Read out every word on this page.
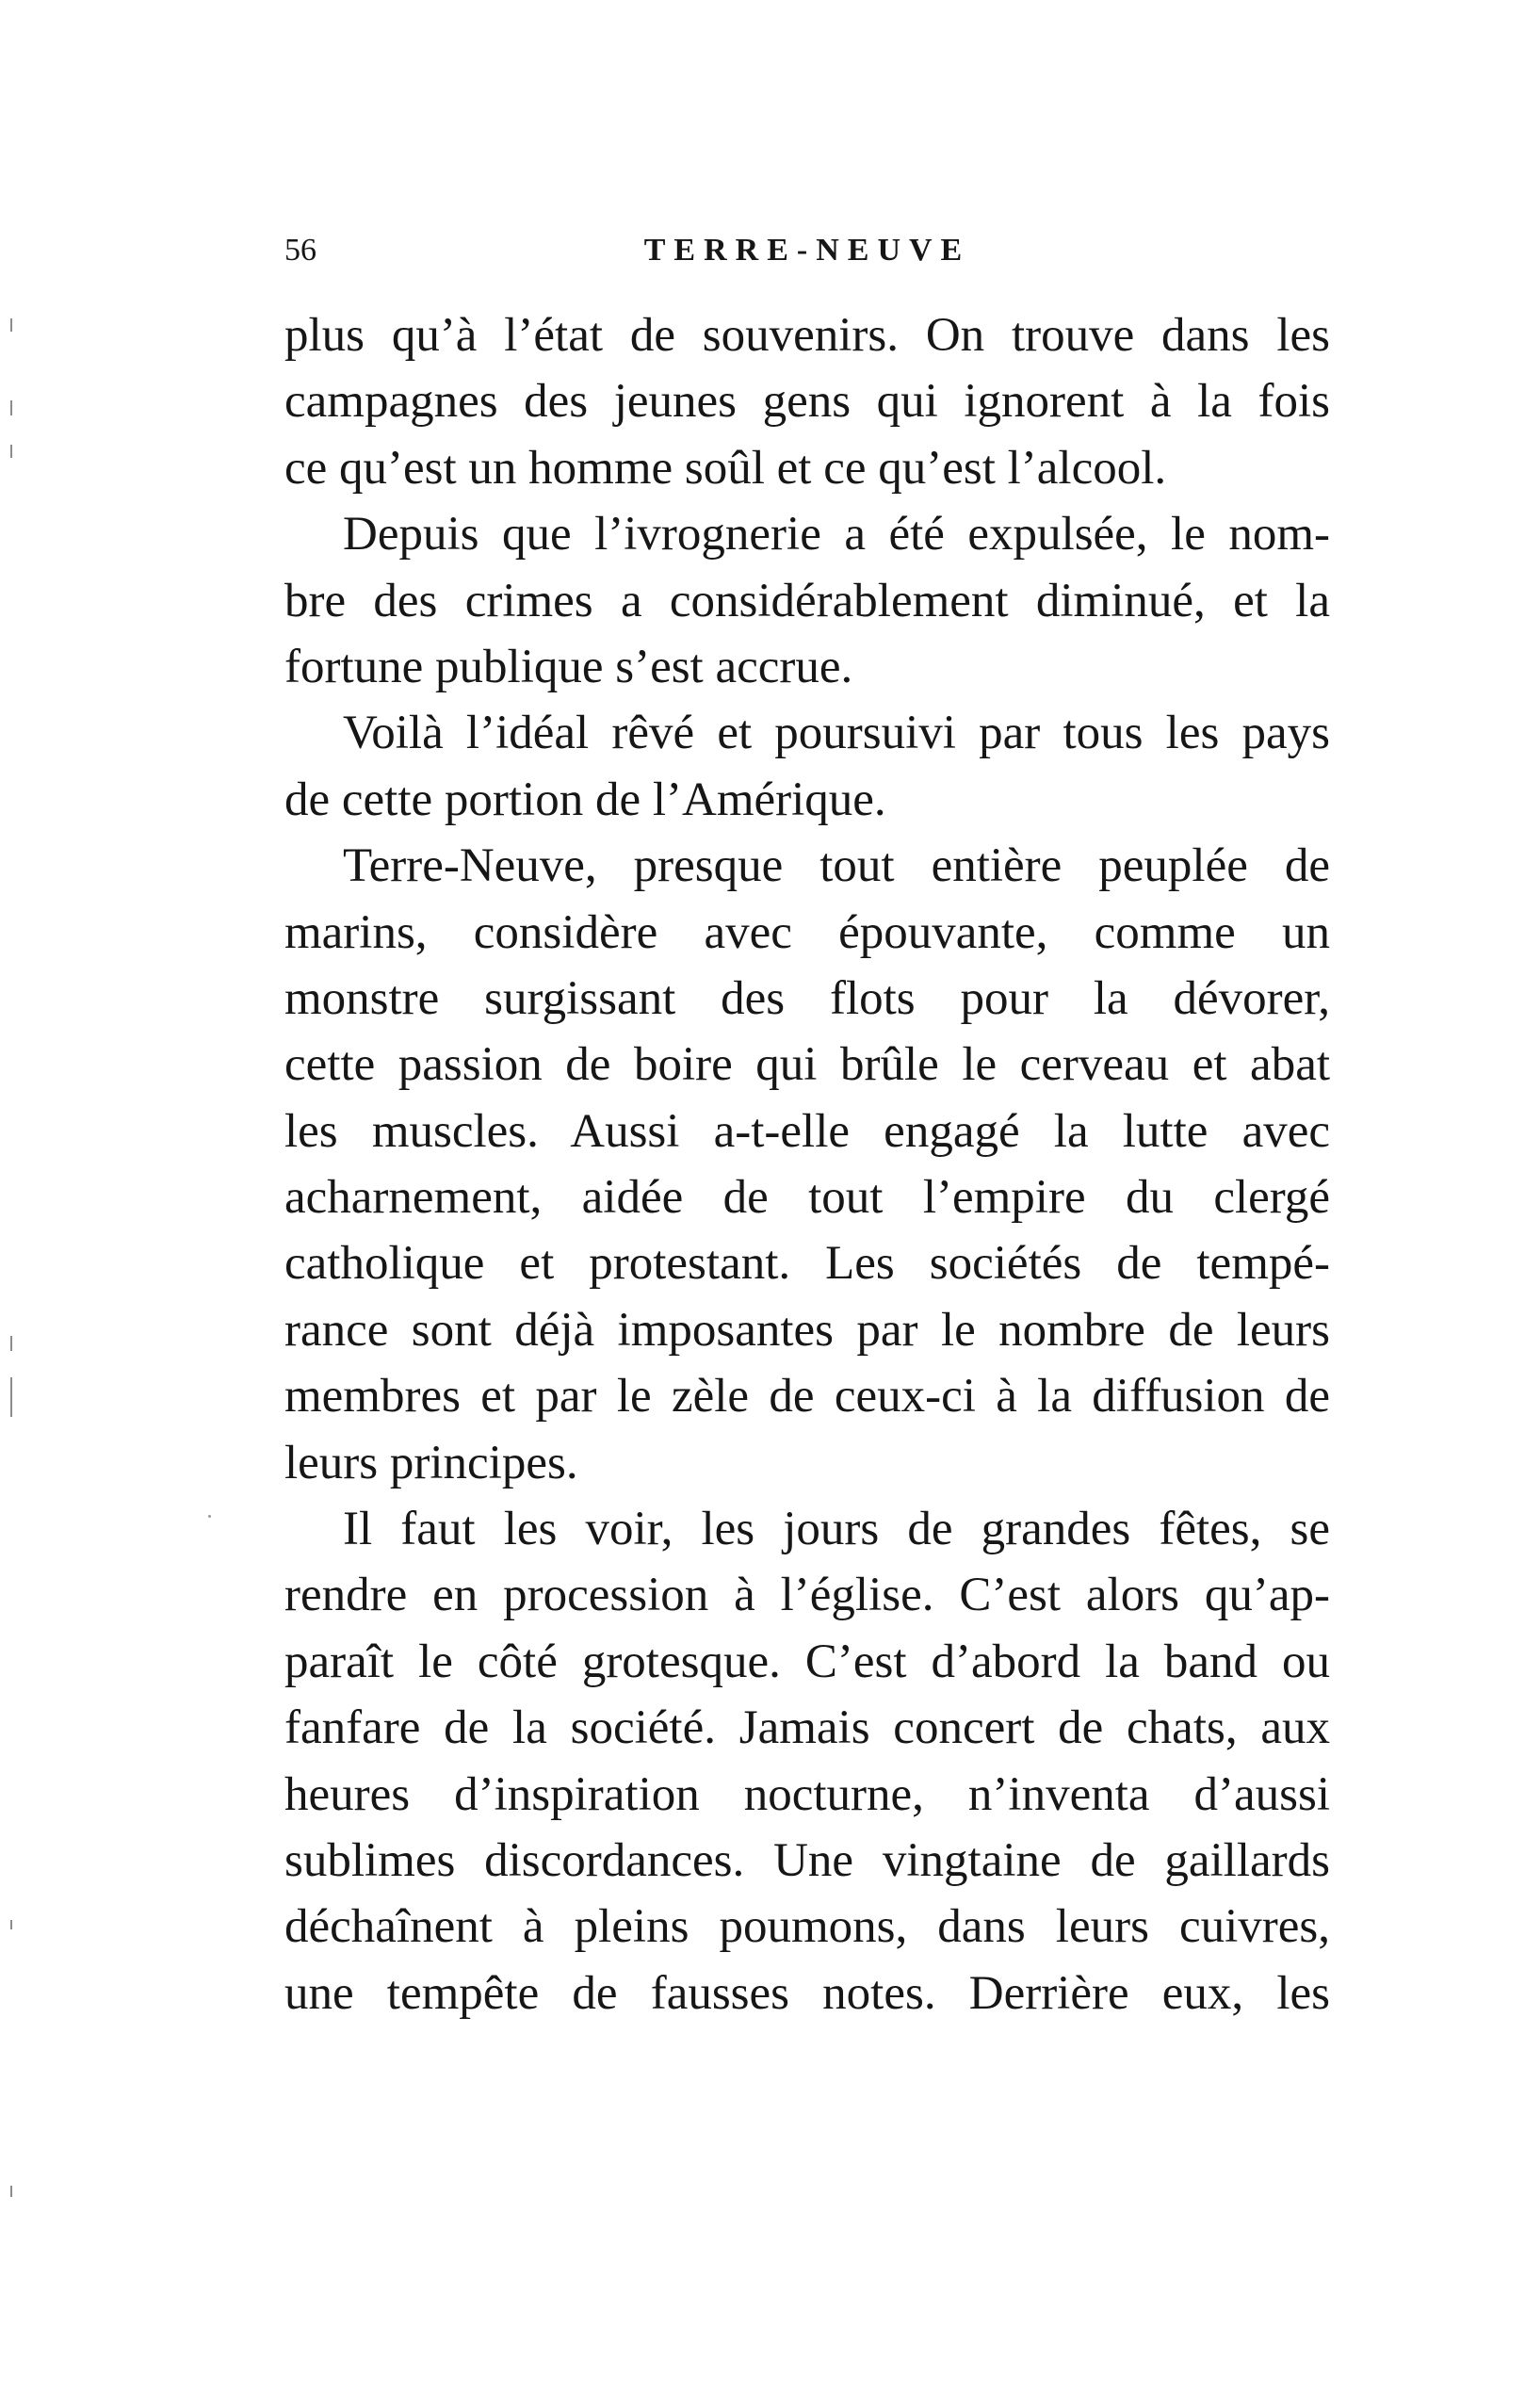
56	TERRE-NEUVE
plus qu’à l’état de souvenirs. On trouve dans les
campagnes des jeunes gens qui ignorent à la fois
ce qu’est un homme soûl et ce qu’est l’alcool.
Depuis que l’ivrognerie a été expulsée, le nom-
bre des crimes a considérablement diminué, et la
fortune publique s’est accrue.
Voilà l’idéal rêvé et poursuivi par tous les pays
de cette portion de l’Amérique.
Terre-Neuve, presque tout entière peuplée de
marins, considère avec épouvante, comme un
monstre surgissant des flots pour la dévorer,
cette passion de boire qui brûle le cerveau et abat
les muscles. Aussi a-t-elle engagé la lutte avec
acharnement, aidée de tout l’empire du clergé
catholique et protestant. Les sociétés de tempé-
rance sont déjà imposantes par le nombre de leurs
membres et par le zèle de ceux-ci à la diffusion de
leurs principes.
Il faut les voir, les jours de grandes fêtes, se
rendre en procession à l’église. C’est alors qu’ap-
paraît le côté grotesque. C’est d’abord la band ou
fanfare de la société. Jamais concert de chats, aux
heures d’inspiration nocturne, n’inventa d’aussi
sublimes discordances. Une vingtaine de gaillards
déchaînent à pleins poumons, dans leurs cuivres,
une tempête de fausses notes. Derrière eux, les
